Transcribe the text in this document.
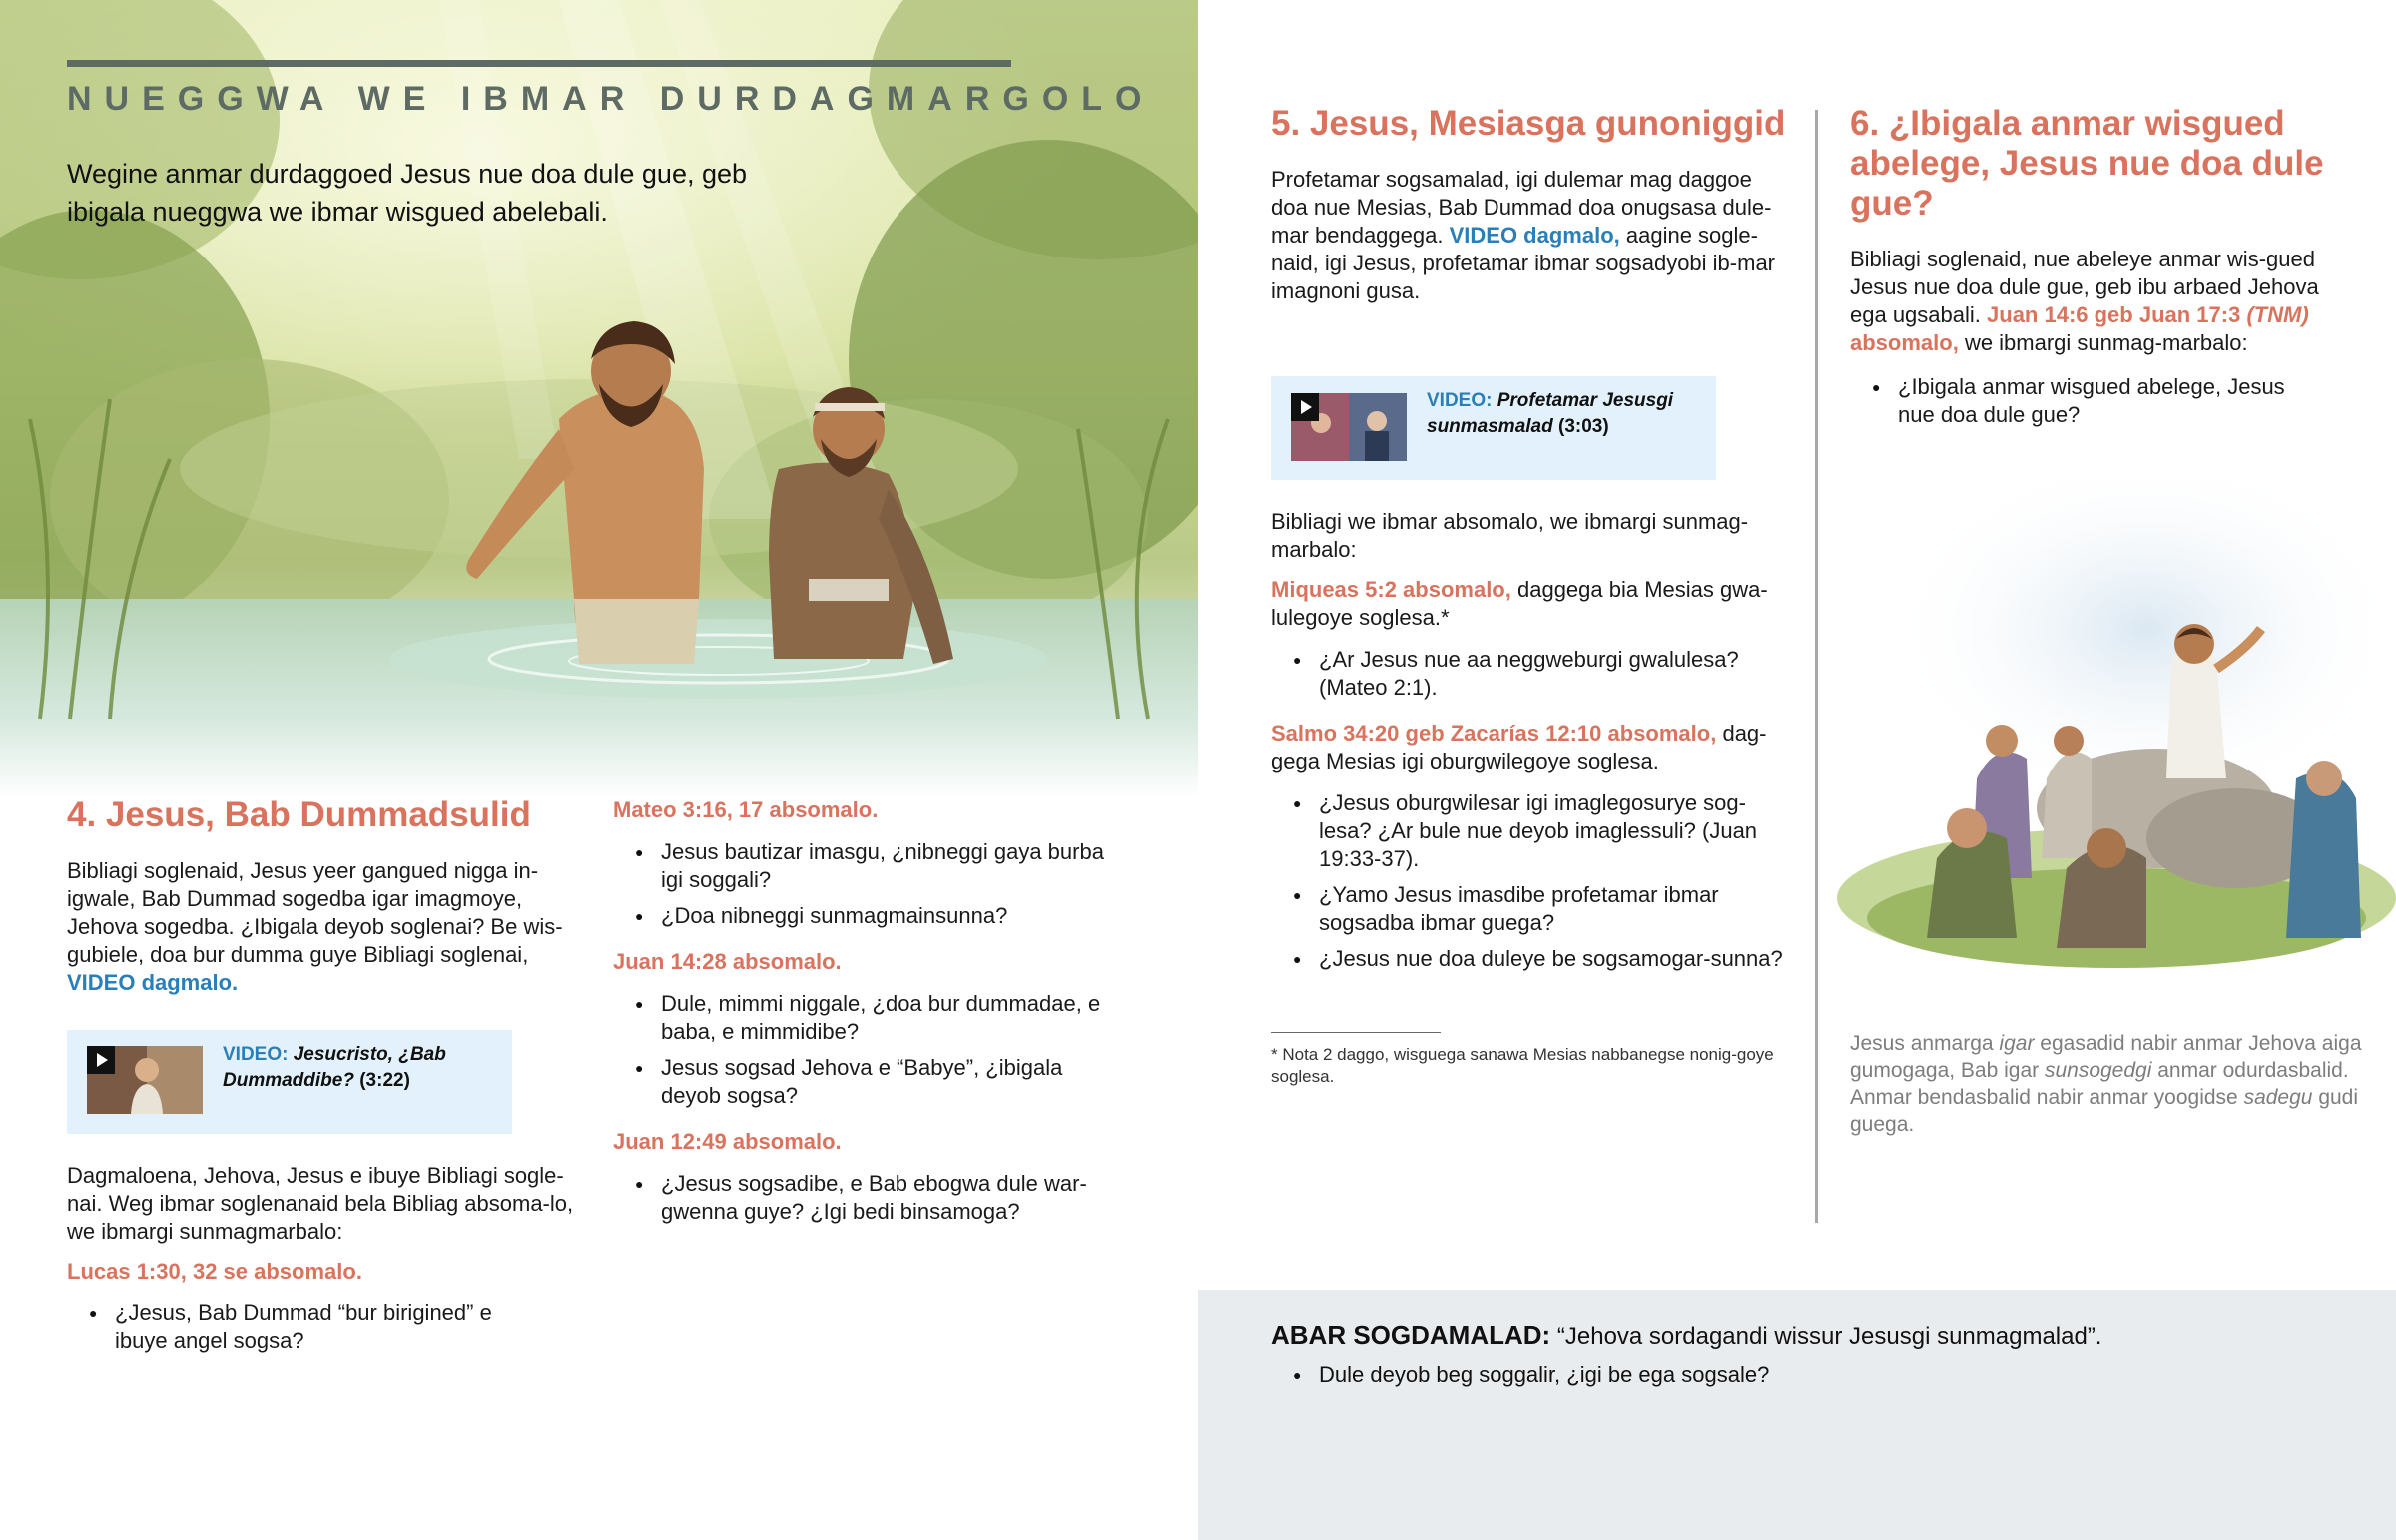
NUEGGWA WE IBMAR DURDAGMARGOLO
Wegine anmar durdaggoed Jesus nue doa dule gue, geb ibigala nueggwa we ibmar wisgued abelebali.
4. Jesus, Bab Dummadsulid
Bibliagi soglenaid, Jesus yeer gangued nigga in-igwale, Bab Dummad sogedba igar imagmoye, Jehova sogedba. ¿Ibigala deyob soglenai? Be wis-gubiele, doa bur dumma guye Bibliagi soglenai,
VIDEO dagmalo.
VIDEO: Jesucristo, ¿Bab Dummaddibe? (3:22)
Dagmaloena, Jehova, Jesus e ibuye Bibliagi sogle-nai. Weg ibmar soglenanaid bela Bibliag absoma-lo, we ibmargi sunmagmarbalo:
Lucas 1:30, 32 se absomalo.
● ¿Jesus, Bab Dummad “bur birigined” e ibuye angel sogsa?
Mateo 3:16, 17 absomalo.
● Jesus bautizar imasgu, ¿nibneggi gaya burba igi soggali?
● ¿Doa nibneggi sunmagmainsunna?
Juan 14:28 absomalo.
● Dule, mimmi niggale, ¿doa bur dummadae, e baba, e mimmidibe?
● Jesus sogsad Jehova e “Babye”, ¿ibigala deyob sogsa?
Juan 12:49 absomalo.
● ¿Jesus sogsadibe, e Bab ebogwa dule war-gwenna guye? ¿Igi bedi binsamoga?
5. Jesus, Mesiasga gunoniggid
Profetamar sogsamalad, igi dulemar mag daggoe doa nue Mesias, Bab Dummad doa onugsasa dule-mar bendaggega. VIDEO dagmalo, aagine sogle-naid, igi Jesus, profetamar ibmar sogsadyobi ib-mar imagnoni gusa.
VIDEO: Profetamar Jesusgi sunmasmalad (3:03)
Bibliagi we ibmar absomalo, we ibmargi sunmag-marbalo:
Miqueas 5:2 absomalo, daggega bia Mesias gwa-lulegoye soglesa.*
● ¿Ar Jesus nue aa neggweburgi gwalulesa? (Mateo 2:1).
Salmo 34:20 geb Zacarías 12:10 absomalo, dag-gega Mesias igi oburgwilegoye soglesa.
● ¿Jesus oburgwilesar igi imaglegosurye sog-lesa? ¿Ar bule nue deyob imaglessuli? (Juan 19:33-37).
● ¿Yamo Jesus imasdibe profetamar ibmar sogsadba ibmar guega?
● ¿Jesus nue doa duleye be sogsamogar-sunna?
* Nota 2 daggo, wisguega sanawa Mesias nabbanegse nonig-goye soglesa.
6. ¿Ibigala anmar wisgued abelege, Jesus nue doa dule gue?
Bibliagi soglenaid, nue abeleye anmar wis-gued Jesus nue doa dule gue, geb ibu arbaed Jehova ega ugsabali. Juan 14:6 geb Juan 17:3 (TNM) absomalo, we ibmargi sunmag-marbalo:
● ¿Ibigala anmar wisgued abelege, Jesus nue doa dule gue?
Jesus anmarga igar egasadid nabir anmar Jehova aiga gumogaga, Bab igar sunsogedgi anmar odurdasbalid. Anmar bendasbalid nabir anmar yoogidse sadegu gudi guega.
ABAR SOGDAMALAD: “Jehova sordagandi wissur Jesusgi sunmagmalad”.
● Dule deyob beg soggalir, ¿igi be ega sogsale?
